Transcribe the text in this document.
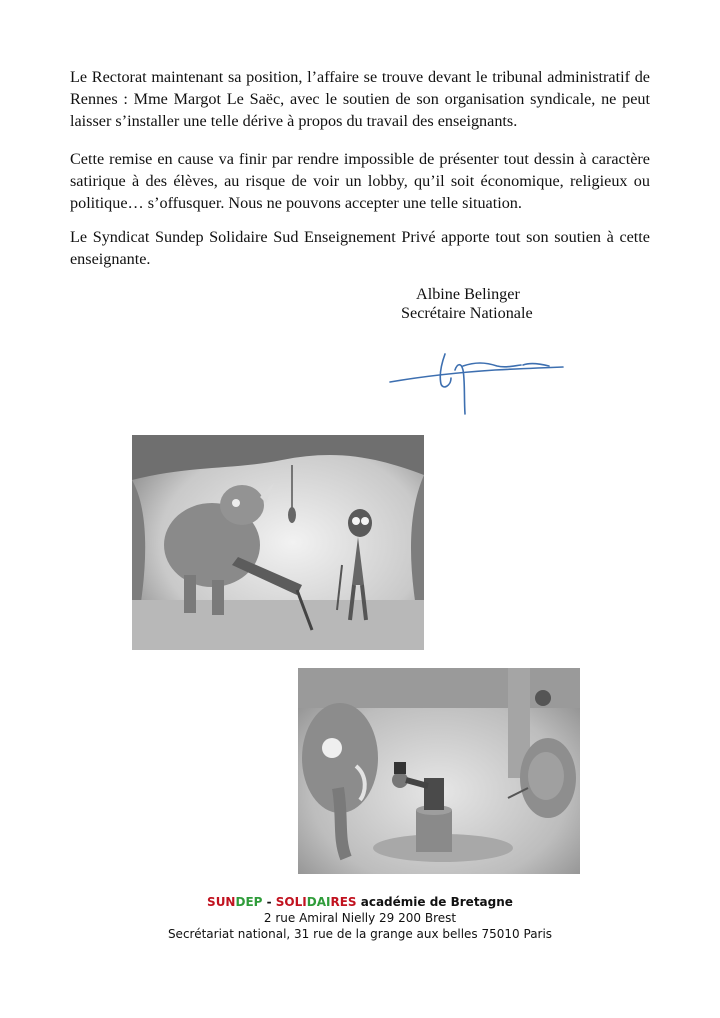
Le Rectorat maintenant sa position, l’affaire se trouve devant le tribunal administratif de Rennes : Mme Margot Le Saëc, avec le soutien de son organisation syndicale, ne peut laisser s’installer une telle dérive à propos du travail des enseignants.

Cette remise en cause va finir par rendre impossible de présenter tout dessin à caractère satirique à des élèves, au risque de voir un lobby, qu’il soit économique, religieux ou politique… s’offusquer. Nous ne pouvons accepter une telle situation.

Le Syndicat Sundep Solidaire Sud Enseignement Privé apporte tout son soutien à cette enseignante.

Albine Belinger
Secrétaire Nationale
SUNDEP - SOLIDAIRES académie de Bretagne
2 rue Amiral Nielly 29 200 Brest
Secrétariat national, 31 rue de la grange aux belles 75010 Paris
